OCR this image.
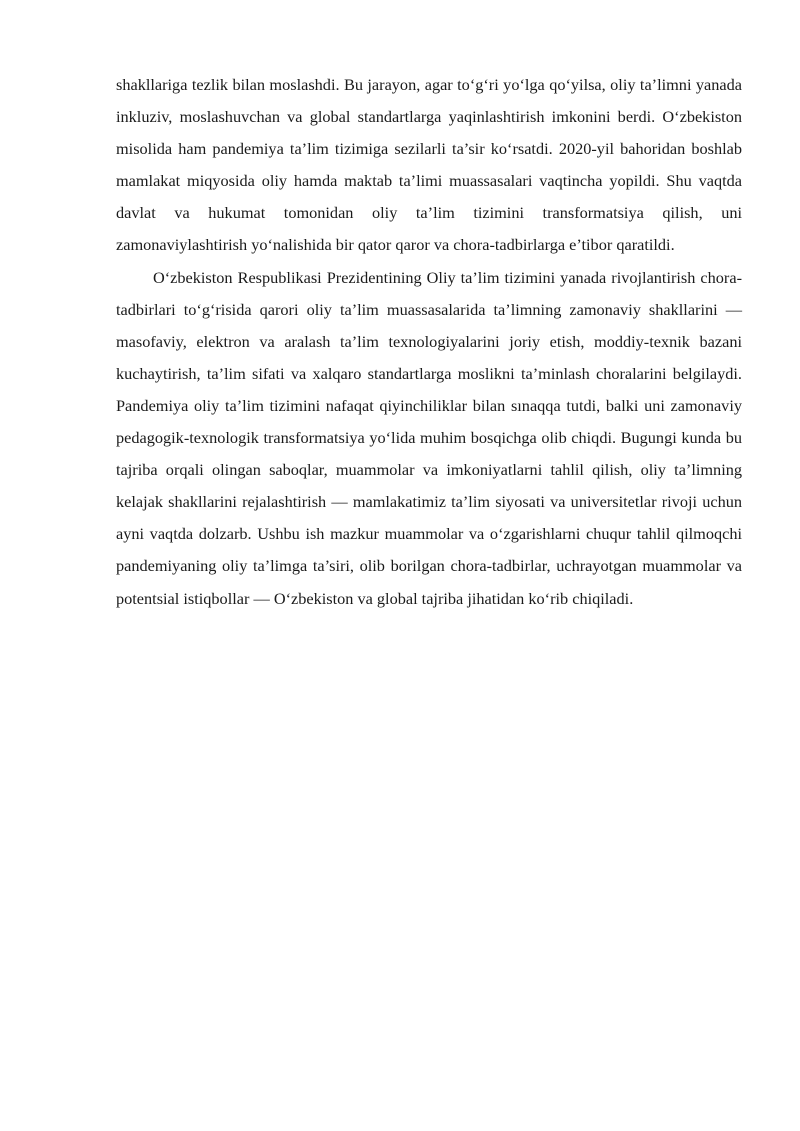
shakllariga tezlik bilan moslashdi. Bu jarayon, agar to‘g‘ri yo‘lga qo‘yilsa, oliy ta’limni yanada inkluziv, moslashuvchan va global standartlarga yaqinlashtirish imkonini berdi. O‘zbekiston misolida ham pandemiya ta’lim tizimiga sezilarli ta’sir ko‘rsatdi. 2020-yil bahoridan boshlab mamlakat miqyosida oliy hamda maktab ta’limi muassasalari vaqtincha yopildi. Shu vaqtda davlat va hukumat tomonidan oliy ta’lim tizimini transformatsiya qilish, uni zamonaviylashtirish yo‘nalishida bir qator qaror va chora-tadbirlarga e’tibor qaratildi.

O‘zbekiston Respublikasi Prezidentining Oliy ta’lim tizimini yanada rivojlantirish chora-tadbirlari to‘g‘risida qarori oliy ta’lim muassasalarida ta’limning zamonaviy shakllarini — masofaviy, elektron va aralash ta’lim texnologiyalarini joriy etish, moddiy-texnik bazani kuchaytirish, ta’lim sifati va xalqaro standartlarga moslikni ta’minlash choralarini belgilaydi. Pandemiya oliy ta’lim tizimini nafaqat qiyinchiliklar bilan sınaqqa tutdi, balki uni zamonaviy pedagogik-texnologik transformatsiya yo‘lida muhim bosqichga olib chiqdi. Bugungi kunda bu tajriba orqali olingan saboqlar, muammolar va imkoniyatlarni tahlil qilish, oliy ta’limning kelajak shakllarini rejalashtirish — mamlakatimiz ta’lim siyosati va universitetlar rivoji uchun ayni vaqtda dolzarb. Ushbu ish mazkur muammolar va o‘zgarishlarni chuqur tahlil qilmoqchi pandemiyaning oliy ta’limga ta’siri, olib borilgan chora-tadbirlar, uchrayotgan muammolar va potentsial istiqbollar — O‘zbekiston va global tajriba jihatidan ko‘rib chiqiladi.
